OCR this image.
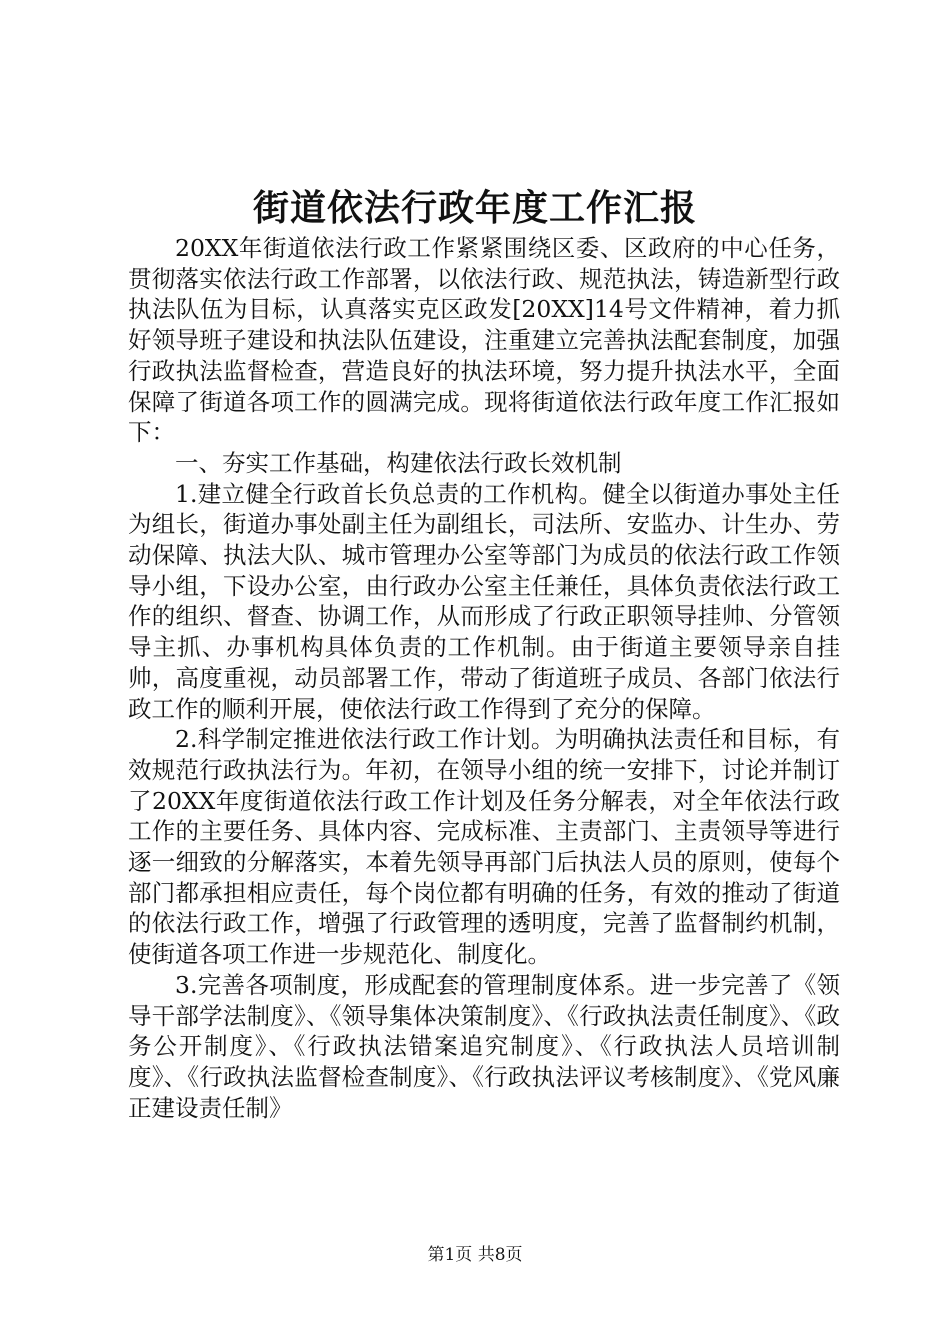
街道依法行政年度工作汇报

20XX年街道依法行政工作紧紧围绕区委、区政府的中心任务，贯彻落实依法行政工作部署，以依法行政、规范执法，铸造新型行政执法队伍为目标，认真落实克区政发[20XX]14号文件精神，着力抓好领导班子建设和执法队伍建设，注重建立完善执法配套制度，加强行政执法监督检查，营造良好的执法环境，努力提升执法水平，全面保障了街道各项工作的圆满完成。现将街道依法行政年度工作汇报如下：

一、夯实工作基础，构建依法行政长效机制

1.建立健全行政首长负总责的工作机构。健全以街道办事处主任为组长，街道办事处副主任为副组长，司法所、安监办、计生办、劳动保障、执法大队、城市管理办公室等部门为成员的依法行政工作领导小组，下设办公室，由行政办公室主任兼任，具体负责依法行政工作的组织、督查、协调工作，从而形成了行政正职领导挂帅、分管领导主抓、办事机构具体负责的工作机制。由于街道主要领导亲自挂帅，高度重视，动员部署工作，带动了街道班子成员、各部门依法行政工作的顺利开展，使依法行政工作得到了充分的保障。

2.科学制定推进依法行政工作计划。为明确执法责任和目标，有效规范行政执法行为。年初，在领导小组的统一安排下，讨论并制订了20XX年度街道依法行政工作计划及任务分解表，对全年依法行政工作的主要任务、具体内容、完成标准、主责部门、主责领导等进行逐一细致的分解落实，本着先领导再部门后执法人员的原则，使每个部门都承担相应责任，每个岗位都有明确的任务，有效的推动了街道的依法行政工作，增强了行政管理的透明度，完善了监督制约机制，使街道各项工作进一步规范化、制度化。

3.完善各项制度，形成配套的管理制度体系。进一步完善了《领导干部学法制度》、《领导集体决策制度》、《行政执法责任制度》、《政务公开制度》、《行政执法错案追究制度》、《行政执法人员培训制度》、《行政执法监督检查制度》、《行政执法评议考核制度》、《党风廉正建设责任制》

第1页 共8页
